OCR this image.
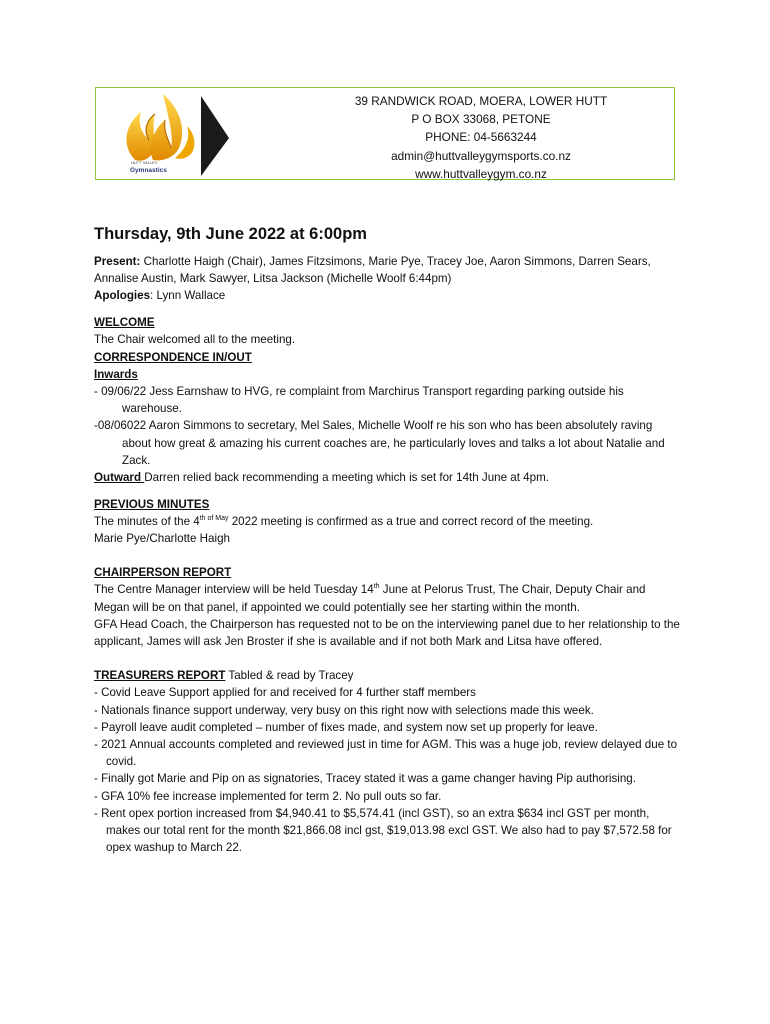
HUTT VALLEY
Gymnastics
39 RANDWICK ROAD, MOERA, LOWER HUTT
P O BOX 33068, PETONE
PHONE: 04-5663244
admin@huttvalleygymsports.co.nz
www.huttvalleygym.co.nz
Thursday, 9th June 2022 at 6:00pm

Present: Charlotte Haigh (Chair), James Fitzsimons, Marie Pye, Tracey Joe, Aaron Simmons, Darren Sears, Annalise Austin, Mark Sawyer, Litsa Jackson (Michelle Woolf 6:44pm)

Apologies: Lynn Wallace

WELCOME

The Chair welcomed all to the meeting.

CORRESPONDENCE IN/OUT

Inwards

- 09/06/22 Jess Earnshaw to HVG, re complaint from Marchirus Transport regarding parking outside his warehouse.

-08/06022 Aaron Simmons to secretary, Mel Sales, Michelle Woolf re his son who has been absolutely raving about how great & amazing his current coaches are, he particularly loves and talks a lot about Natalie and Zack.

Outward Darren relied back recommending a meeting which is set for 14th June at 4pm.

PREVIOUS MINUTES

The minutes of the $4^{th of May}$ 2022 meeting is confirmed as a true and correct record of the meeting.

Marie Pye/Charlotte Haigh

CHAIRPERSON REPORT

The Centre Manager interview will be held Tuesday 14th June at Pelorus Trust, The Chair, Deputy Chair and Megan will be on that panel, if appointed we could potentially see her starting within the month.

GFA Head Coach, the Chairperson has requested not to be on the interviewing panel due to her relationship to the applicant, James will ask Jen Broster if she is available and if not both Mark and Litsa have offered.

TREASURERS REPORT Tabled & read by Tracey

- Covid Leave Support applied for and received for 4 further staff members

- Nationals finance support underway, very busy on this right now with selections made this week.

- Payroll leave audit completed – number of fixes made, and system now set up properly for leave.

- 2021 Annual accounts completed and reviewed just in time for AGM. This was a huge job, review delayed due to covid.

- Finally got Marie and Pip on as signatories, Tracey stated it was a game changer having Pip authorising.

- GFA 10% fee increase implemented for term 2. No pull outs so far.

- Rent opex portion increased from $4,940.41 to $5,574.41 (incl GST), so an extra $634 incl GST per month, makes our total rent for the month $21,866.08 incl gst, $19,013.98 excl GST. We also had to pay $7,572.58 for opex washup to March 22.
